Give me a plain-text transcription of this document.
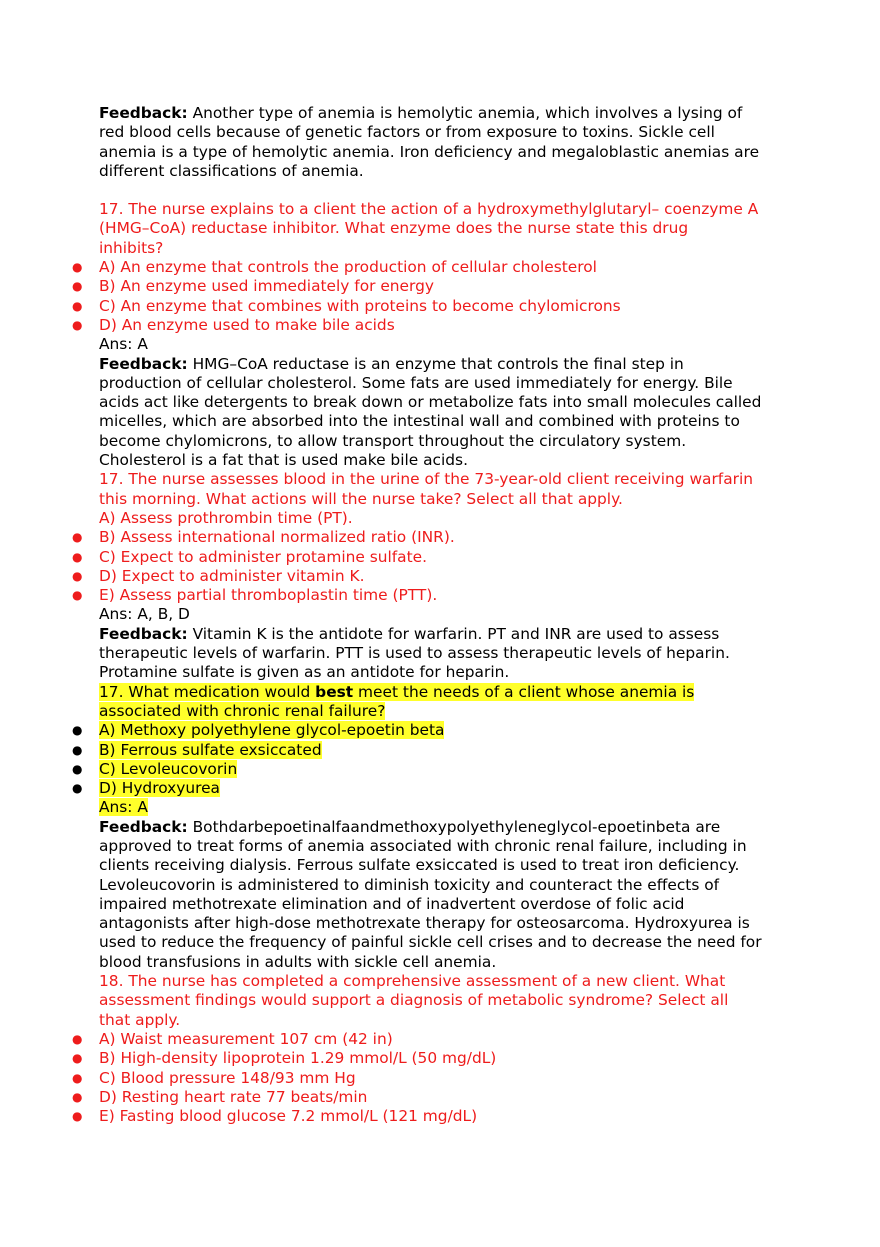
Feedback: Another type of anemia is hemolytic anemia, which involves a lysing of

red blood cells because of genetic factors or from exposure to toxins. Sickle cell

anemia is a type of hemolytic anemia. Iron deficiency and megaloblastic anemias are

different classifications of anemia.

17. The nurse explains to a client the action of a hydroxymethylglutaryl– coenzyme A

(HMG–CoA) reductase inhibitor. What enzyme does the nurse state this drug

inhibits?

● A) An enzyme that controls the production of cellular cholesterol

● B) An enzyme used immediately for energy

● C) An enzyme that combines with proteins to become chylomicrons

● D) An enzyme used to make bile acids

Ans: A

Feedback: HMG–CoA reductase is an enzyme that controls the final step in

production of cellular cholesterol. Some fats are used immediately for energy. Bile

acids act like detergents to break down or metabolize fats into small molecules called

micelles, which are absorbed into the intestinal wall and combined with proteins to

become chylomicrons, to allow transport throughout the circulatory system.

Cholesterol is a fat that is used make bile acids.

17. The nurse assesses blood in the urine of the 73-year-old client receiving warfarin

this morning. What actions will the nurse take? Select all that apply.

A) Assess prothrombin time (PT).

● B) Assess international normalized ratio (INR).

● C) Expect to administer protamine sulfate.

● D) Expect to administer vitamin K.

● E) Assess partial thromboplastin time (PTT).

Ans: A, B, D

Feedback: Vitamin K is the antidote for warfarin. PT and INR are used to assess

therapeutic levels of warfarin. PTT is used to assess therapeutic levels of heparin.

Protamine sulfate is given as an antidote for heparin.

17. What medication would best meet the needs of a client whose anemia is

associated with chronic renal failure?

● A) Methoxy polyethylene glycol-epoetin beta

● B) Ferrous sulfate exsiccated

● C) Levoleucovorin

● D) Hydroxyurea

Ans: A

Feedback: Bothdarbepoetinalfaandmethoxypolyethyleneglycol-epoetinbeta are

approved to treat forms of anemia associated with chronic renal failure, including in

clients receiving dialysis. Ferrous sulfate exsiccated is used to treat iron deficiency.

Levoleucovorin is administered to diminish toxicity and counteract the effects of

impaired methotrexate elimination and of inadvertent overdose of folic acid

antagonists after high-dose methotrexate therapy for osteosarcoma. Hydroxyurea is

used to reduce the frequency of painful sickle cell crises and to decrease the need for

blood transfusions in adults with sickle cell anemia.

18. The nurse has completed a comprehensive assessment of a new client. What

assessment findings would support a diagnosis of metabolic syndrome? Select all

that apply.

● A) Waist measurement 107 cm (42 in)

● B) High-density lipoprotein 1.29 mmol/L (50 mg/dL)

● C) Blood pressure 148/93 mm Hg

● D) Resting heart rate 77 beats/min

● E) Fasting blood glucose 7.2 mmol/L (121 mg/dL)
